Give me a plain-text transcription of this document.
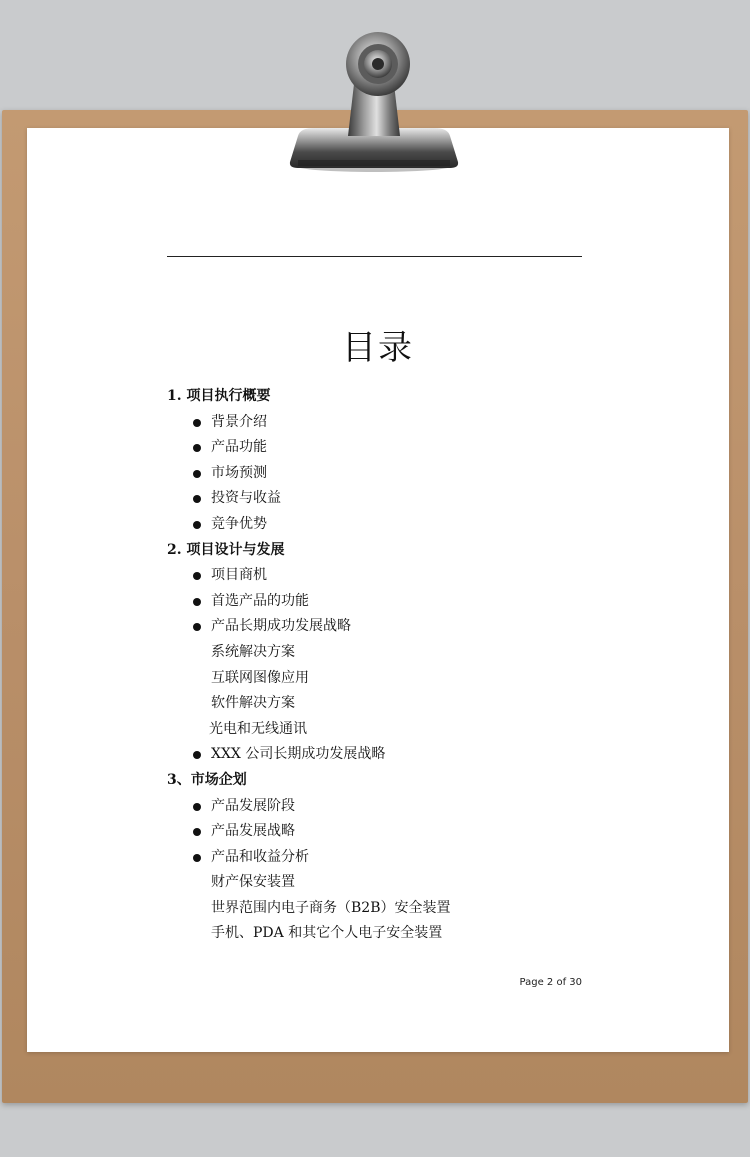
目录
1. 项目执行概要
背景介绍
产品功能
市场预测
投资与收益
竞争优势
2. 项目设计与发展
项目商机
首选产品的功能
产品长期成功发展战略
系统解决方案
互联网图像应用
软件解决方案
光电和无线通讯
XXX 公司长期成功发展战略
3、市场企划
产品发展阶段
产品发展战略
产品和收益分析
财产保安装置
世界范围内电子商务（B2B）安全装置
手机、PDA 和其它个人电子安全装置
Page 2 of 30
